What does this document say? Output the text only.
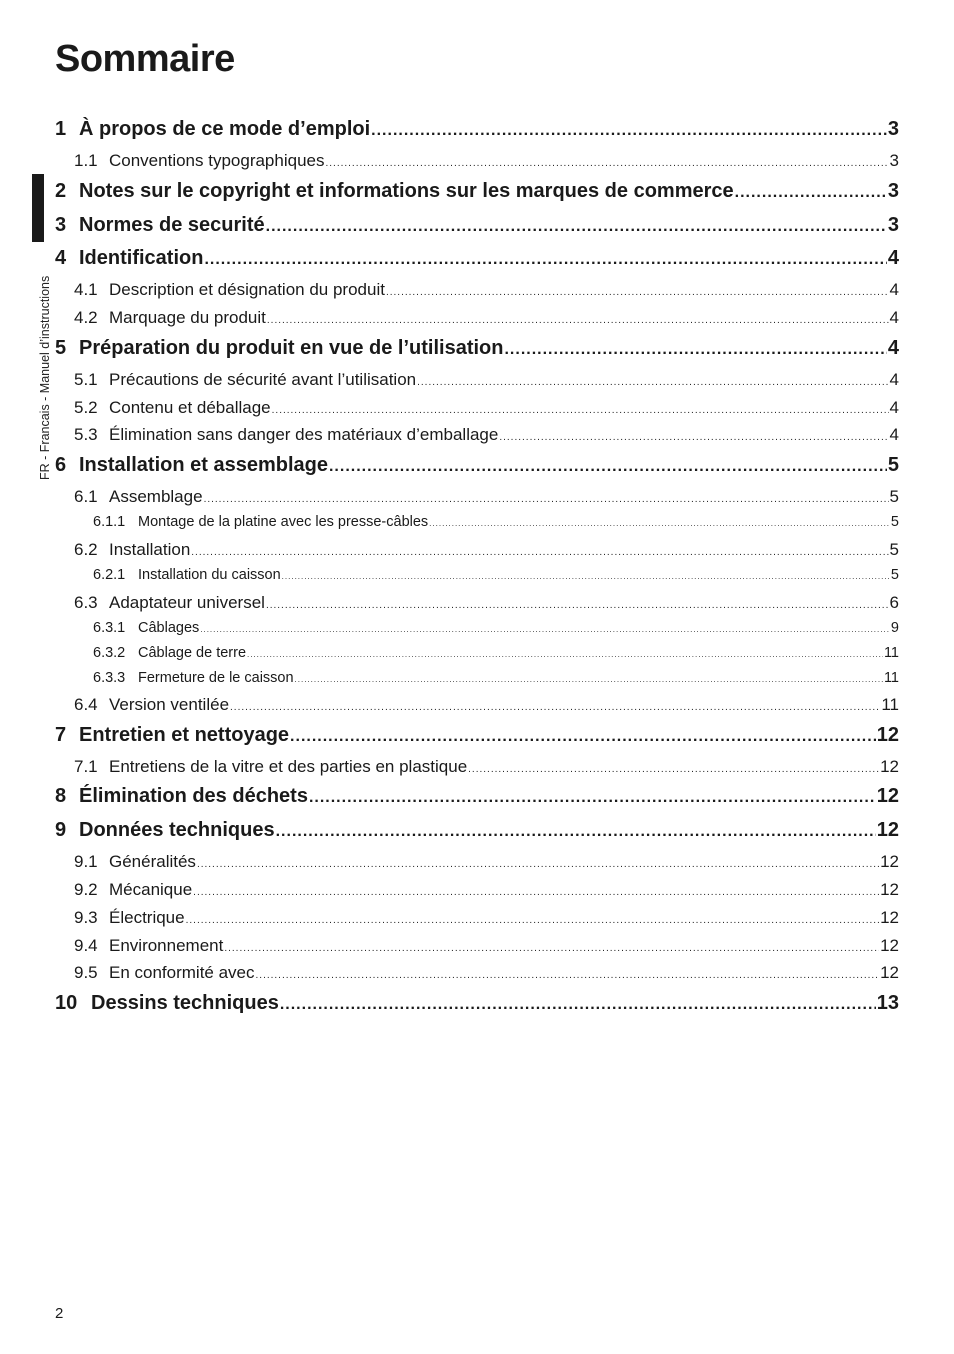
Sommaire
FR - Francais - Manuel d’instructions
1 À propos de ce mode d’emploi .....	3
1.1 Conventions typographiques .....	3
2 Notes sur le copyright et informations sur les marques de commerce .....	3
3 Normes de securité .....	3
4 Identification .....	4
4.1 Description et désignation du produit .....	4
4.2 Marquage du produit .....	4
5 Préparation du produit en vue de l’utilisation .....	4
5.1 Précautions de sécurité avant l’utilisation .....	4
5.2 Contenu et déballage .....	4
5.3 Élimination sans danger des matériaux d’emballage .....	4
6 Installation et assemblage .....	5
6.1 Assemblage .....	5
6.1.1 Montage de la platine avec les presse-câbles .....	5
6.2 Installation .....	5
6.2.1 Installation du caisson .....	5
6.3 Adaptateur universel .....	6
6.3.1 Câblages .....	9
6.3.2 Câblage de terre .....	11
6.3.3 Fermeture de le caisson .....	11
6.4 Version ventilée .....	11
7 Entretien et nettoyage .....	12
7.1 Entretiens de la vitre et des parties en plastique .....	12
8 Élimination des déchets .....	12
9 Données techniques .....	12
9.1 Généralités .....	12
9.2 Mécanique .....	12
9.3 Électrique .....	12
9.4 Environnement .....	12
9.5 En conformité avec .....	12
10 Dessins techniques .....	13
2
